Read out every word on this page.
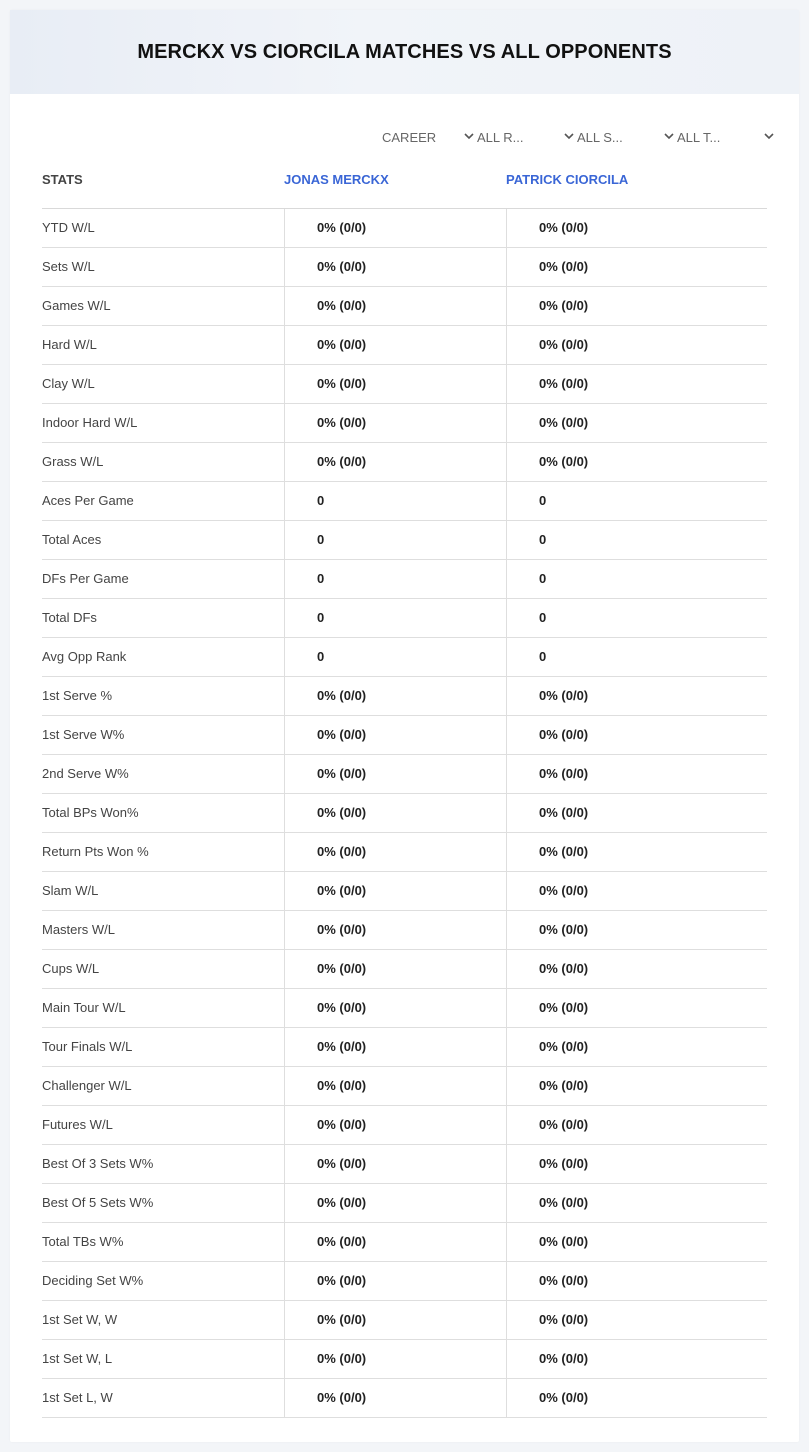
MERCKX VS CIORCILA MATCHES VS ALL OPPONENTS
CAREER	ALL R...	ALL S...	ALL T...
STATS	JONAS MERCKX	PATRICK CIORCILA
YTD W/L	0% (0/0)	0% (0/0)
Sets W/L	0% (0/0)	0% (0/0)
Games W/L	0% (0/0)	0% (0/0)
Hard W/L	0% (0/0)	0% (0/0)
Clay W/L	0% (0/0)	0% (0/0)
Indoor Hard W/L	0% (0/0)	0% (0/0)
Grass W/L	0% (0/0)	0% (0/0)
Aces Per Game	0	0
Total Aces	0	0
DFs Per Game	0	0
Total DFs	0	0
Avg Opp Rank	0	0
1st Serve %	0% (0/0)	0% (0/0)
1st Serve W%	0% (0/0)	0% (0/0)
2nd Serve W%	0% (0/0)	0% (0/0)
Total BPs Won%	0% (0/0)	0% (0/0)
Return Pts Won %	0% (0/0)	0% (0/0)
Slam W/L	0% (0/0)	0% (0/0)
Masters W/L	0% (0/0)	0% (0/0)
Cups W/L	0% (0/0)	0% (0/0)
Main Tour W/L	0% (0/0)	0% (0/0)
Tour Finals W/L	0% (0/0)	0% (0/0)
Challenger W/L	0% (0/0)	0% (0/0)
Futures W/L	0% (0/0)	0% (0/0)
Best Of 3 Sets W%	0% (0/0)	0% (0/0)
Best Of 5 Sets W%	0% (0/0)	0% (0/0)
Total TBs W%	0% (0/0)	0% (0/0)
Deciding Set W%	0% (0/0)	0% (0/0)
1st Set W, W	0% (0/0)	0% (0/0)
1st Set W, L	0% (0/0)	0% (0/0)
1st Set L, W	0% (0/0)	0% (0/0)
